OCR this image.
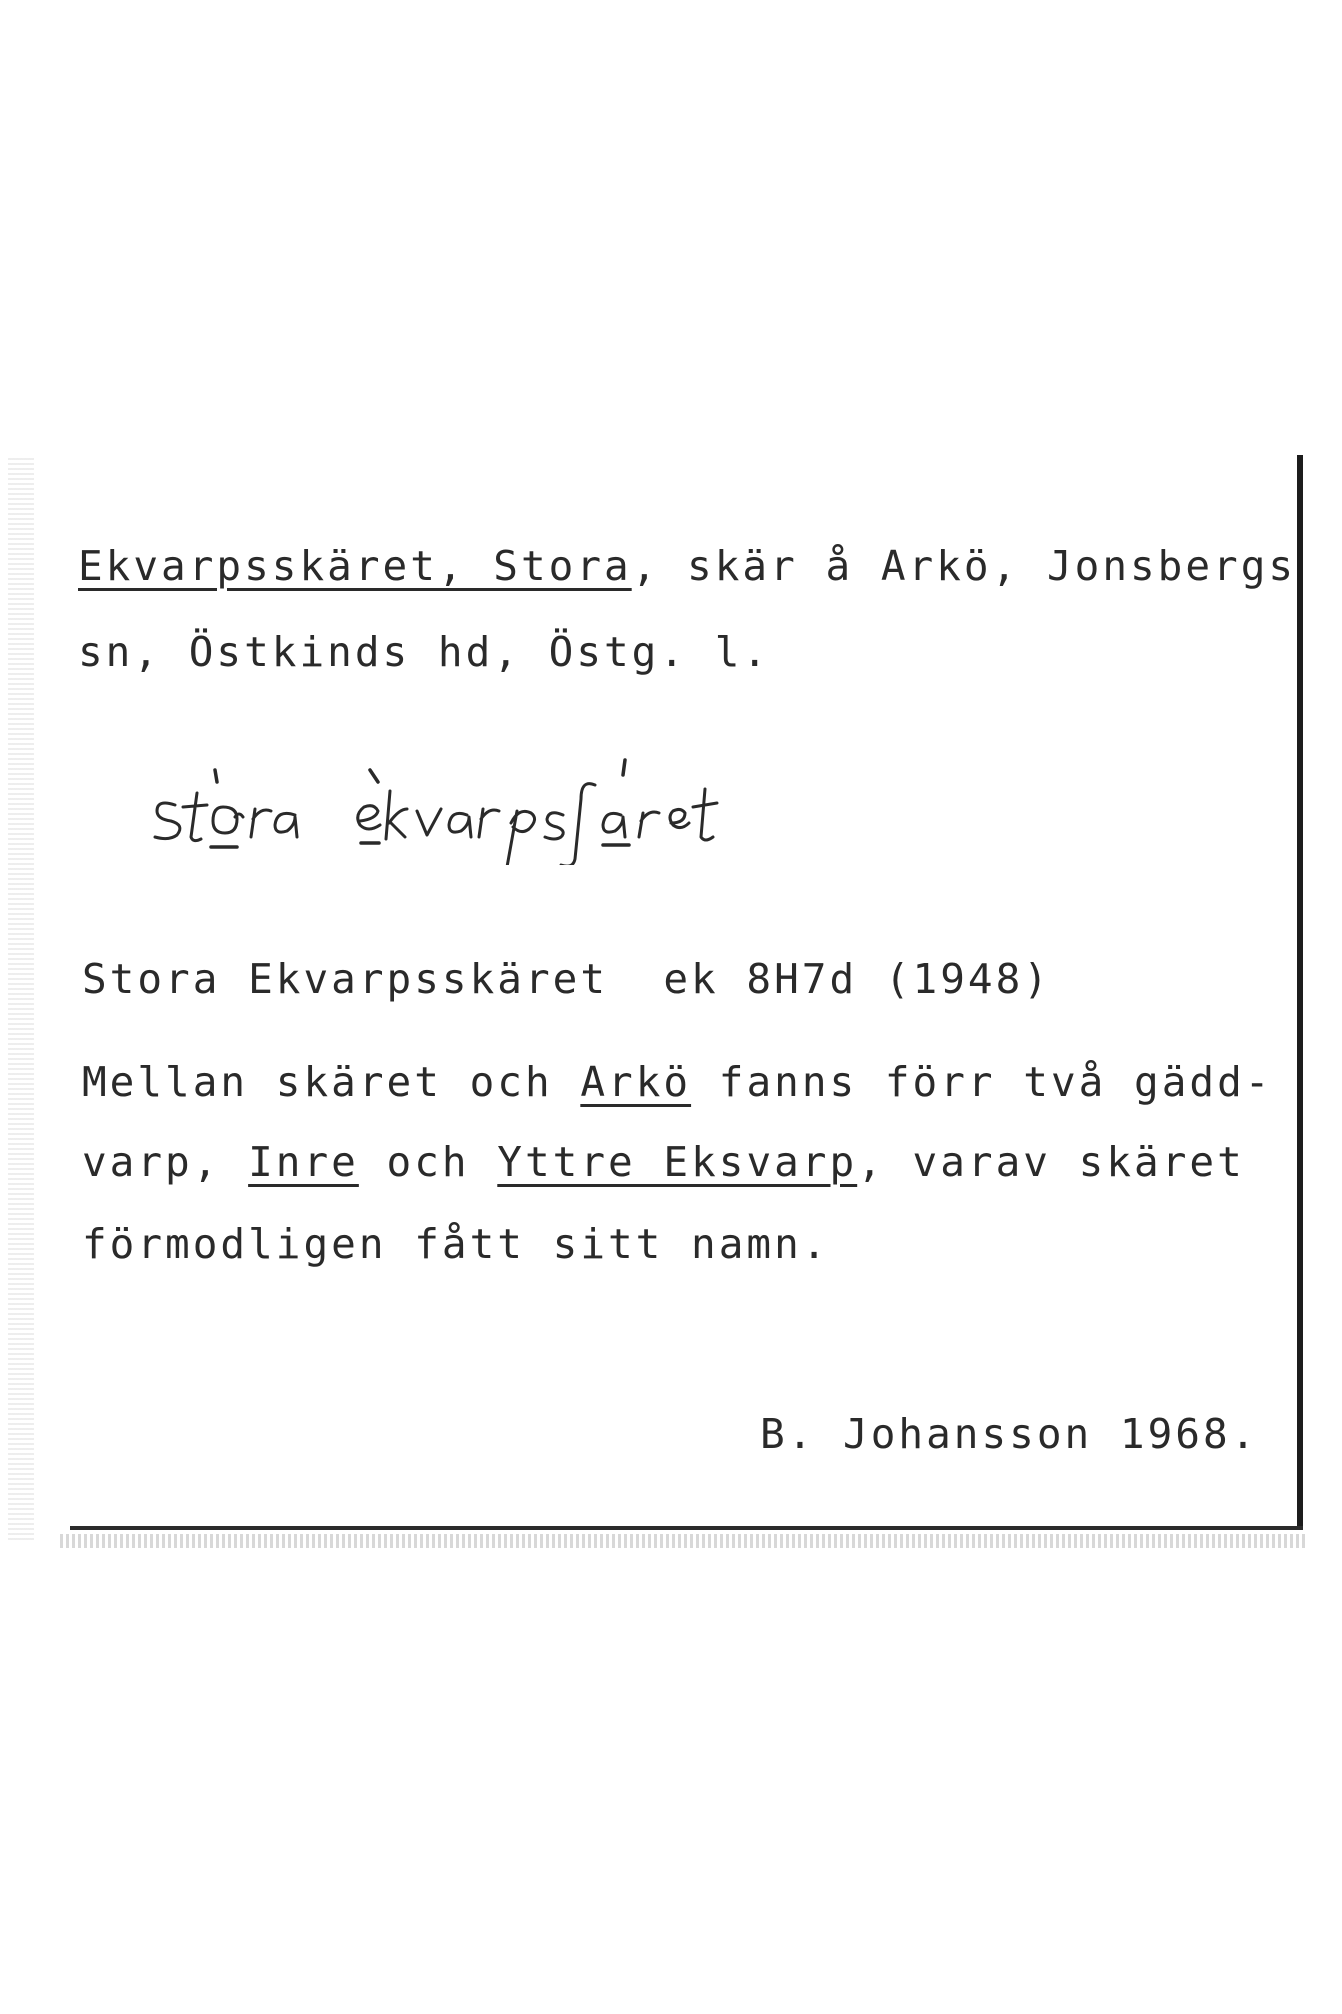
Ekvarpsskäret, Stora, skär å Arkö, Jonsbergs
sn, Östkinds hd, Östg. l.
Stora Ekvarpsskäret  ek 8H7d (1948)
Mellan skäret och Arkö fanns förr två gädd-
varp, Inre och Yttre Eksvarp, varav skäret
förmodligen fått sitt namn.
B. Johansson 1968.
